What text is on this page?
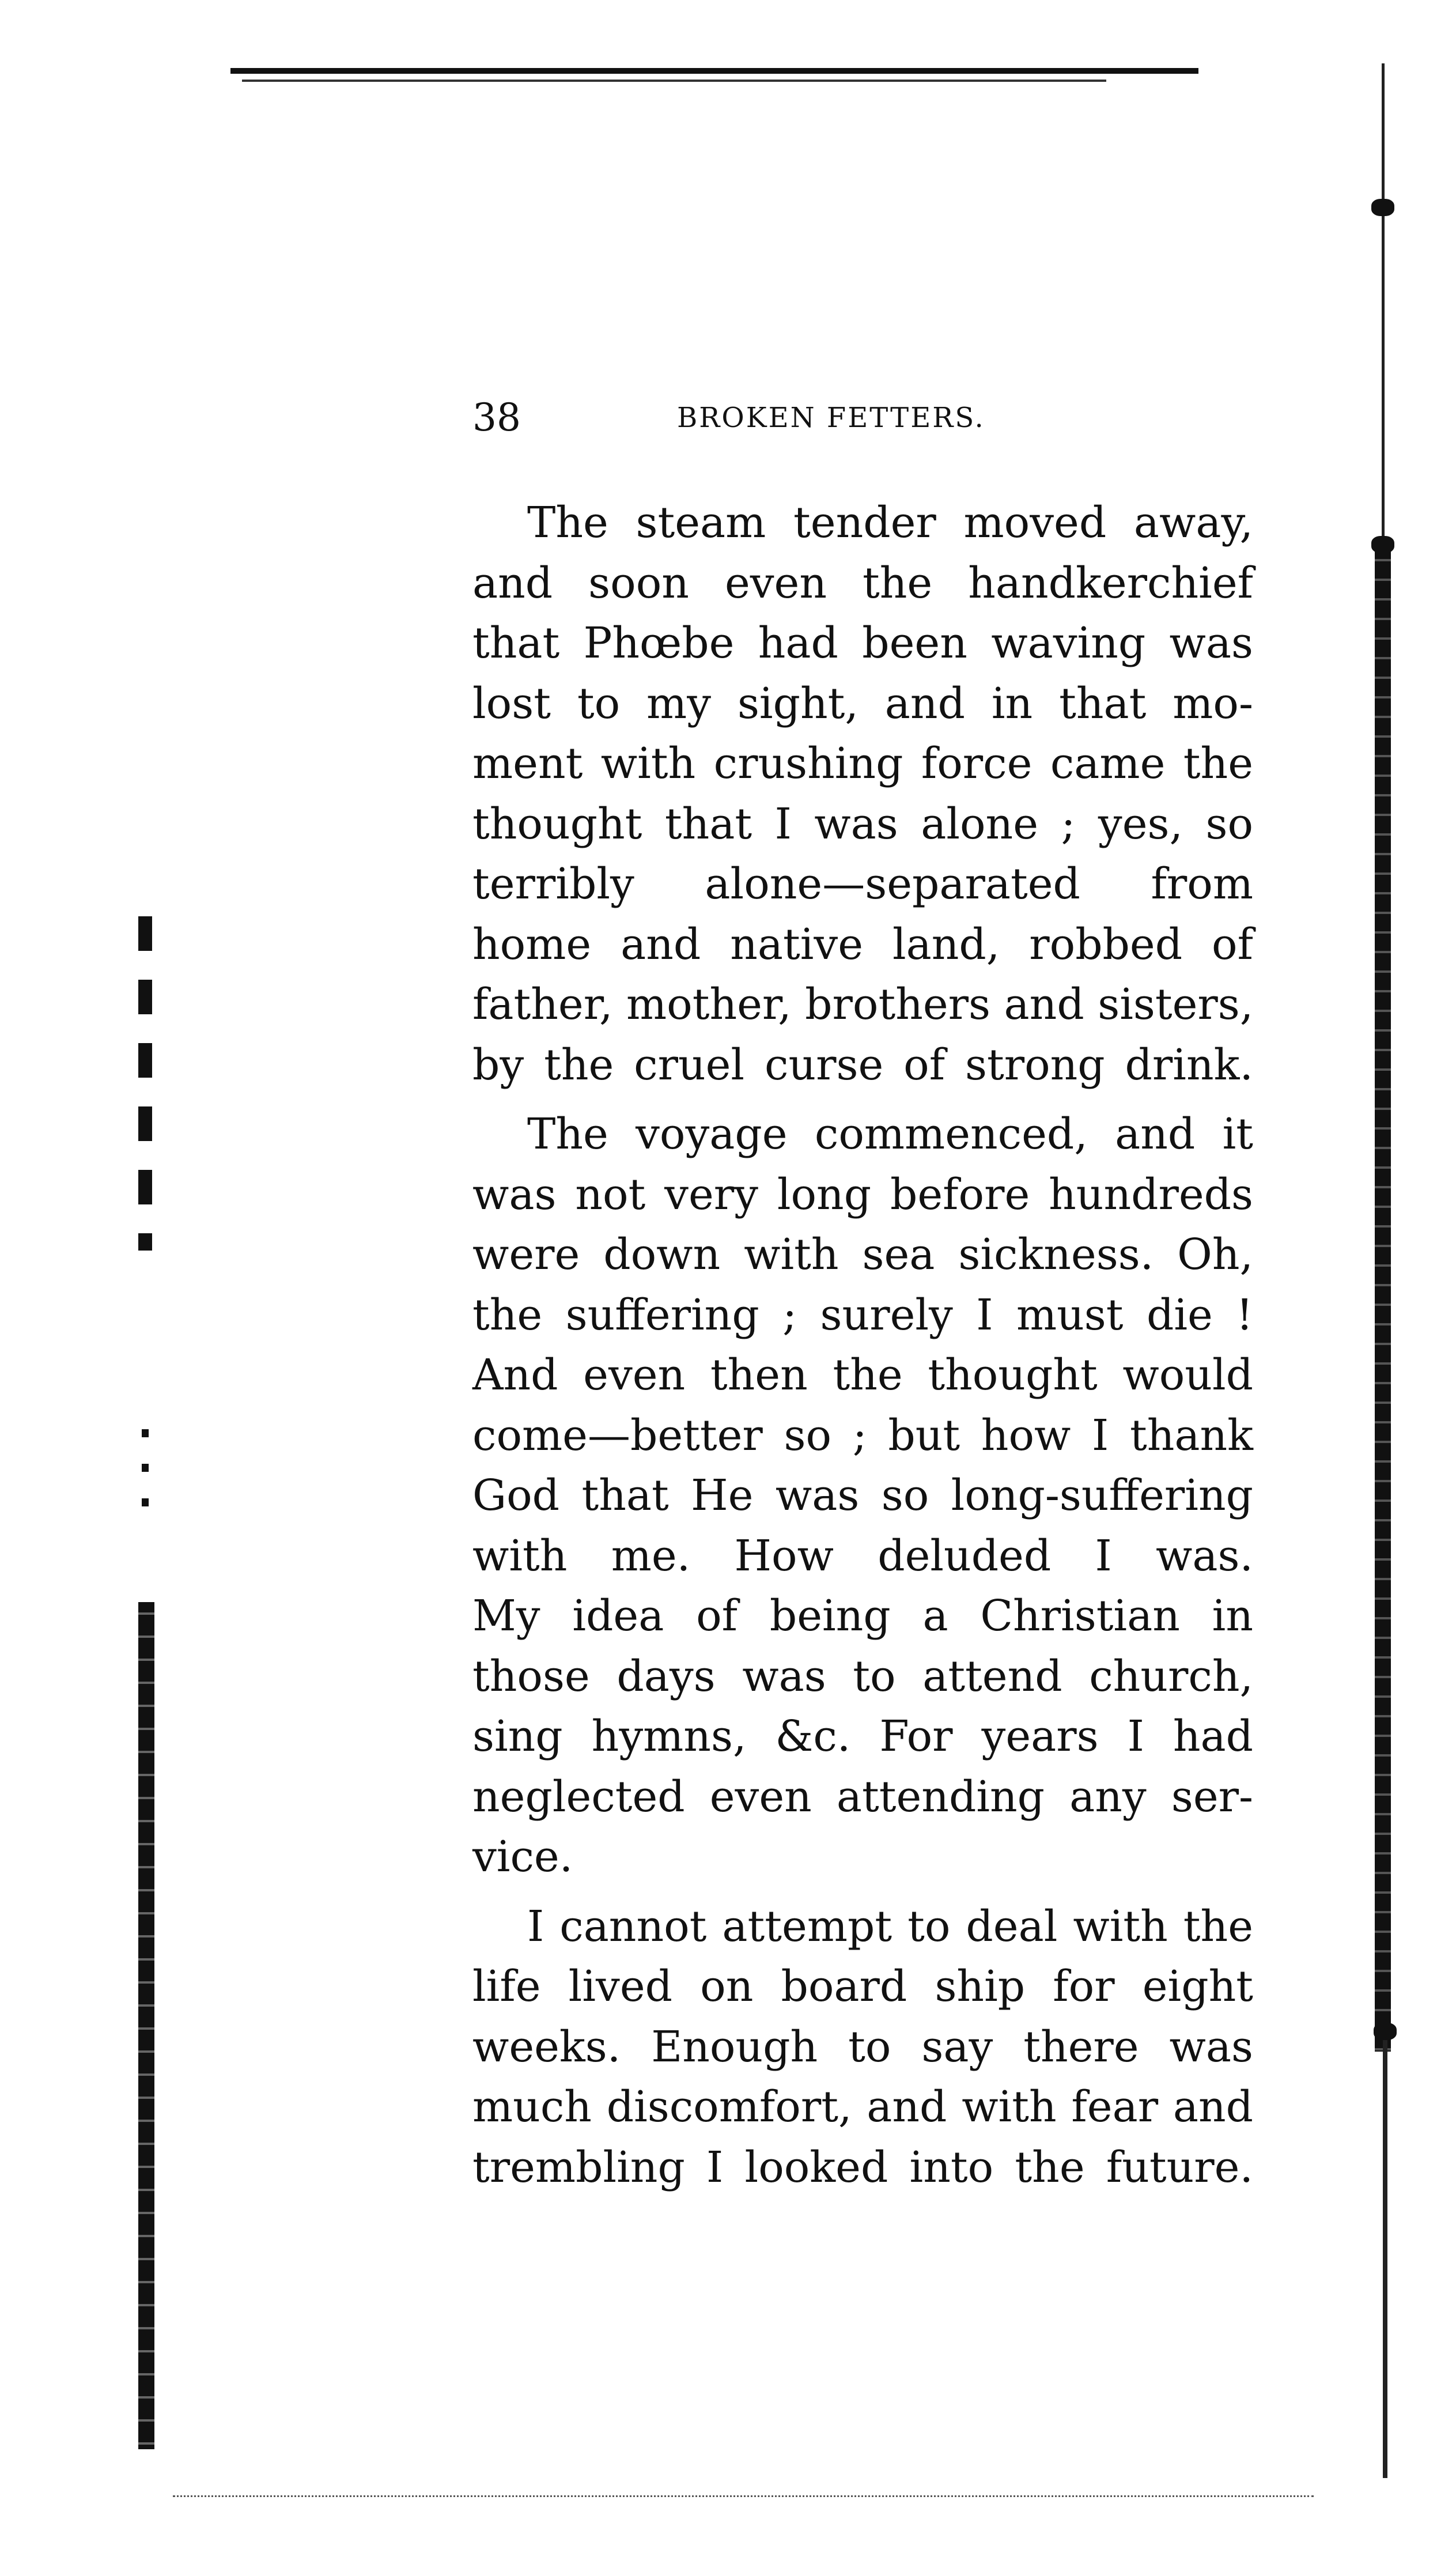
38	BROKEN FETTERS.

The steam tender moved away,
and soon even the handkerchief
that Phœbe had been waving was
lost to my sight, and in that mo-
ment with crushing force came the
thought that I was alone ; yes, so
terribly alone—separated from
home and native land, robbed of
father, mother, brothers and sisters,
by the cruel curse of strong drink.

The voyage commenced, and it
was not very long before hundreds
were down with sea sickness. Oh,
the suffering ; surely I must die !
And even then the thought would
come—better so ; but how I thank
God that He was so long-suffering
with me. How deluded I was.
My idea of being a Christian in
those days was to attend church,
sing hymns, &c. For years I had
neglected even attending any ser-
vice.

I cannot attempt to deal with the
life lived on board ship for eight
weeks. Enough to say there was
much discomfort, and with fear and
trembling I looked into the future.
